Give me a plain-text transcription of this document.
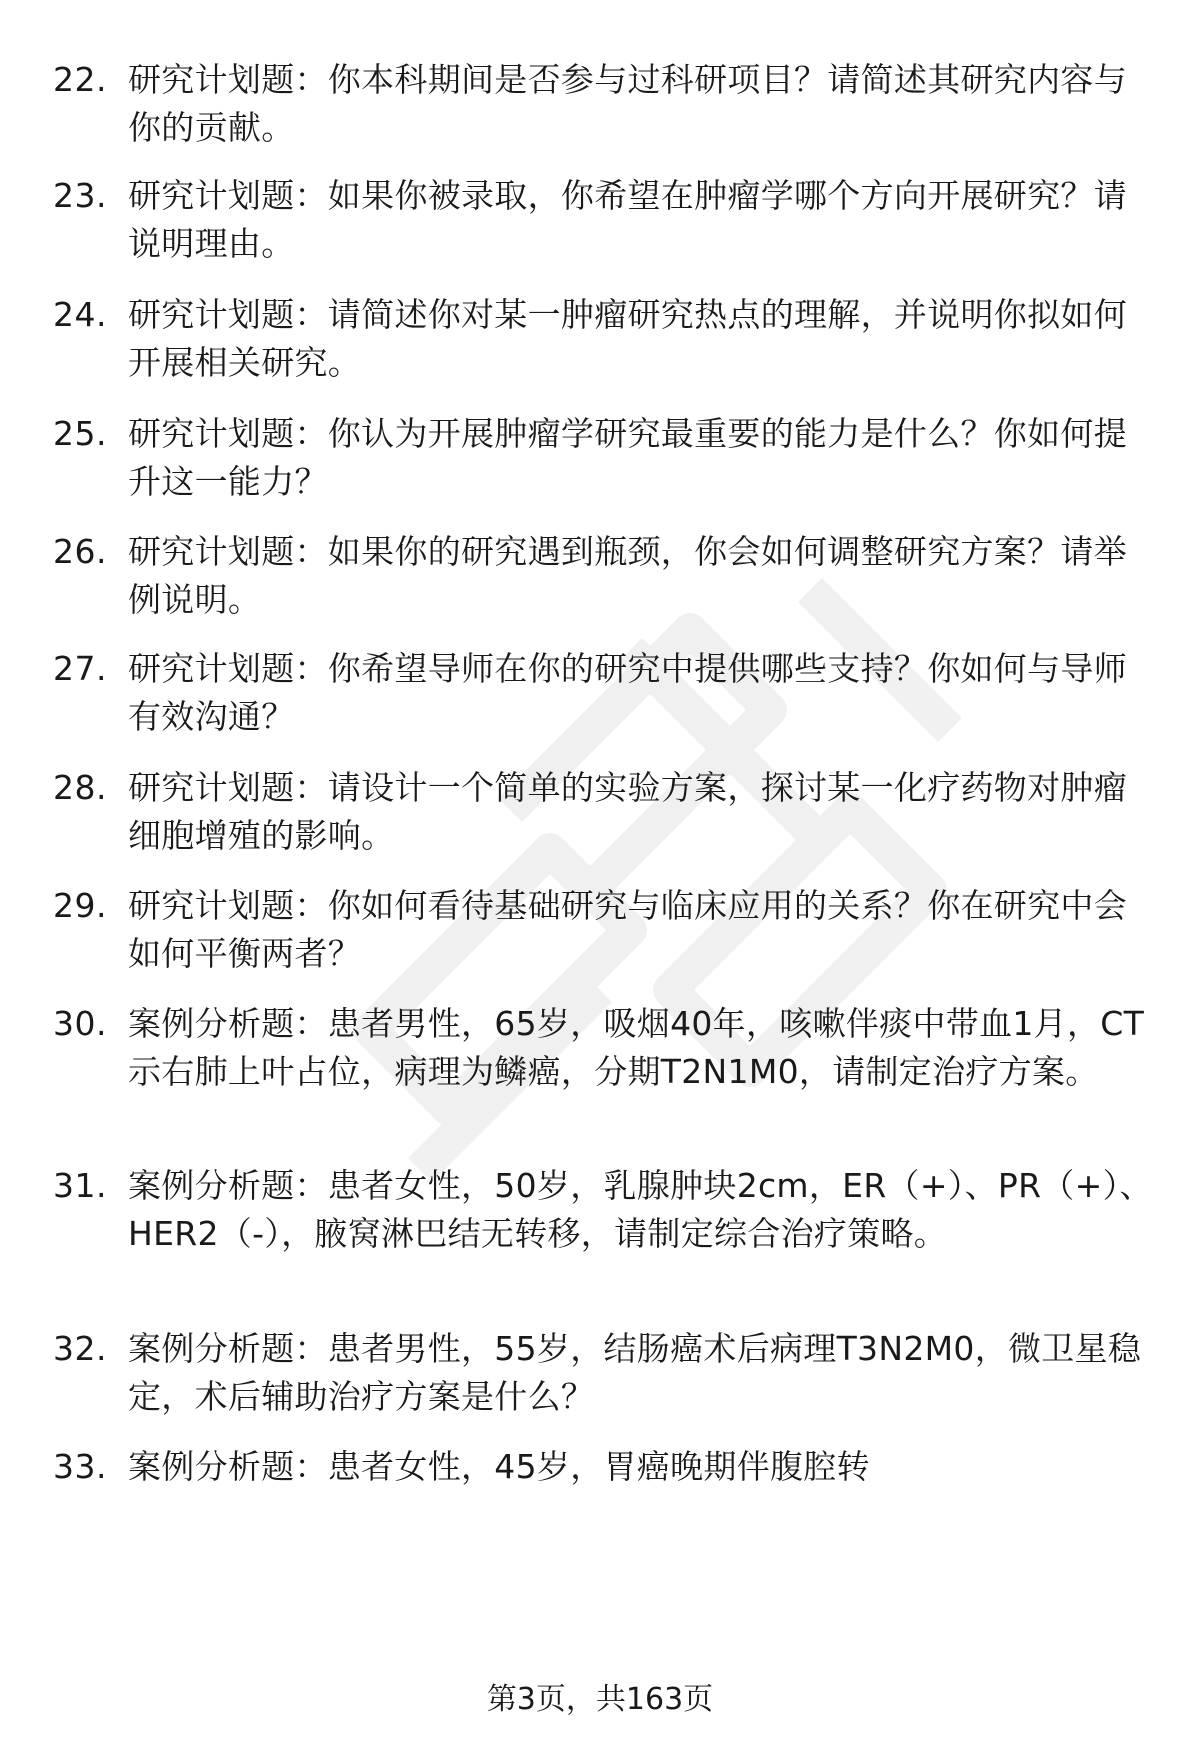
22. 研究计划题：你本科期间是否参与过科研项目？请简述其研究内容与你的贡献。
23. 研究计划题：如果你被录取，你希望在肿瘤学哪个方向开展研究？请说明理由。
24. 研究计划题：请简述你对某一肿瘤研究热点的理解，并说明你拟如何开展相关研究。
25. 研究计划题：你认为开展肿瘤学研究最重要的能力是什么？你如何提升这一能力？
26. 研究计划题：如果你的研究遇到瓶颈，你会如何调整研究方案？请举例说明。
27. 研究计划题：你希望导师在你的研究中提供哪些支持？你如何与导师有效沟通？
28. 研究计划题：请设计一个简单的实验方案，探讨某一化疗药物对肿瘤细胞增殖的影响。
29. 研究计划题：你如何看待基础研究与临床应用的关系？你在研究中会如何平衡两者？
30. 案例分析题：患者男性，65岁，吸烟40年，咳嗽伴痰中带血1月，CT示右肺上叶占位，病理为鳞癌，分期T2N1M0，请制定治疗方案。
31. 案例分析题：患者女性，50岁，乳腺肿块2cm，ER（+）、PR（+）、HER2（-），腋窝淋巴结无转移，请制定综合治疗策略。
32. 案例分析题：患者男性，55岁，结肠癌术后病理T3N2M0，微卫星稳定，术后辅助治疗方案是什么？
33. 案例分析题：患者女性，45岁，胃癌晚期伴腹腔转
第3页，共163页
